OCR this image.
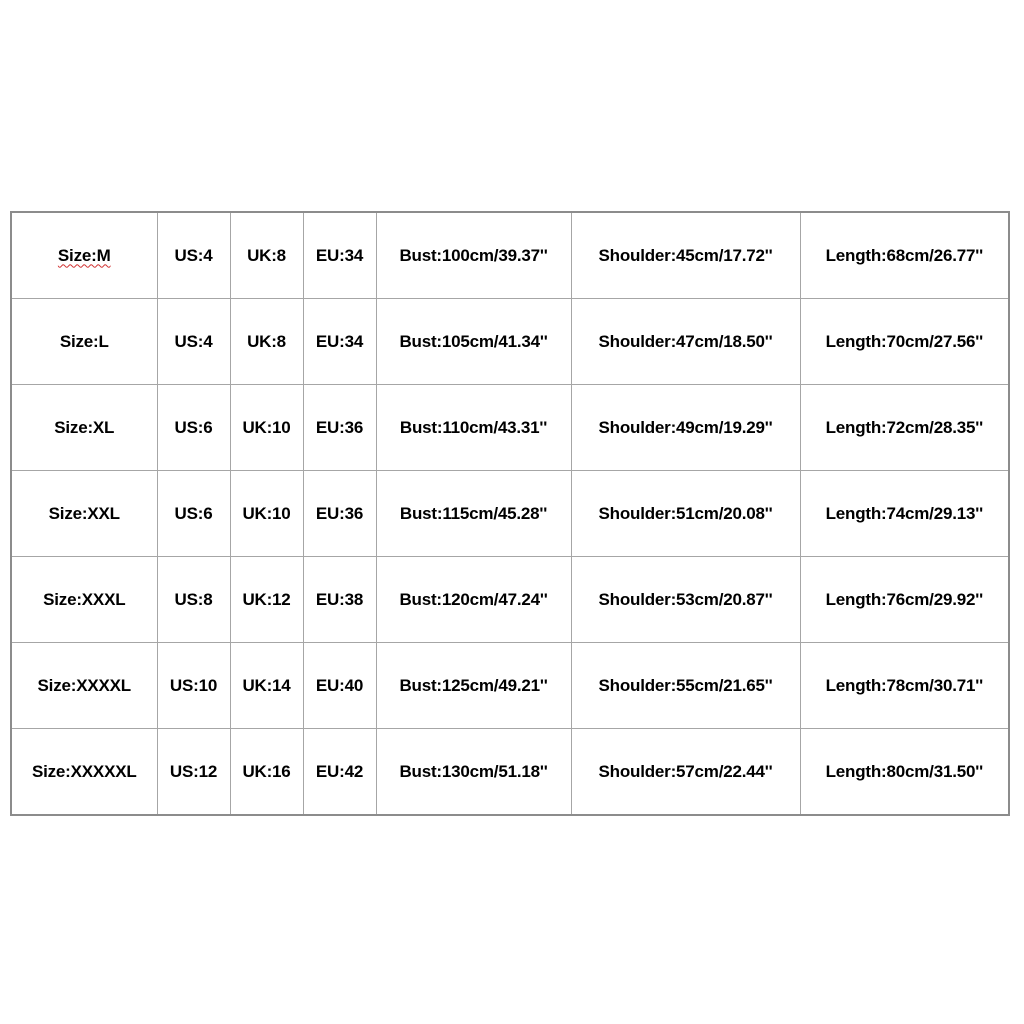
Size:M	US:4	UK:8	EU:34	Bust:100cm/39.37''	Shoulder:45cm/17.72''	Length:68cm/26.77''
Size:L	US:4	UK:8	EU:34	Bust:105cm/41.34''	Shoulder:47cm/18.50''	Length:70cm/27.56''
Size:XL	US:6	UK:10	EU:36	Bust:110cm/43.31''	Shoulder:49cm/19.29''	Length:72cm/28.35''
Size:XXL	US:6	UK:10	EU:36	Bust:115cm/45.28''	Shoulder:51cm/20.08''	Length:74cm/29.13''
Size:XXXL	US:8	UK:12	EU:38	Bust:120cm/47.24''	Shoulder:53cm/20.87''	Length:76cm/29.92''
Size:XXXXL	US:10	UK:14	EU:40	Bust:125cm/49.21''	Shoulder:55cm/21.65''	Length:78cm/30.71''
Size:XXXXXL	US:12	UK:16	EU:42	Bust:130cm/51.18''	Shoulder:57cm/22.44''	Length:80cm/31.50''
